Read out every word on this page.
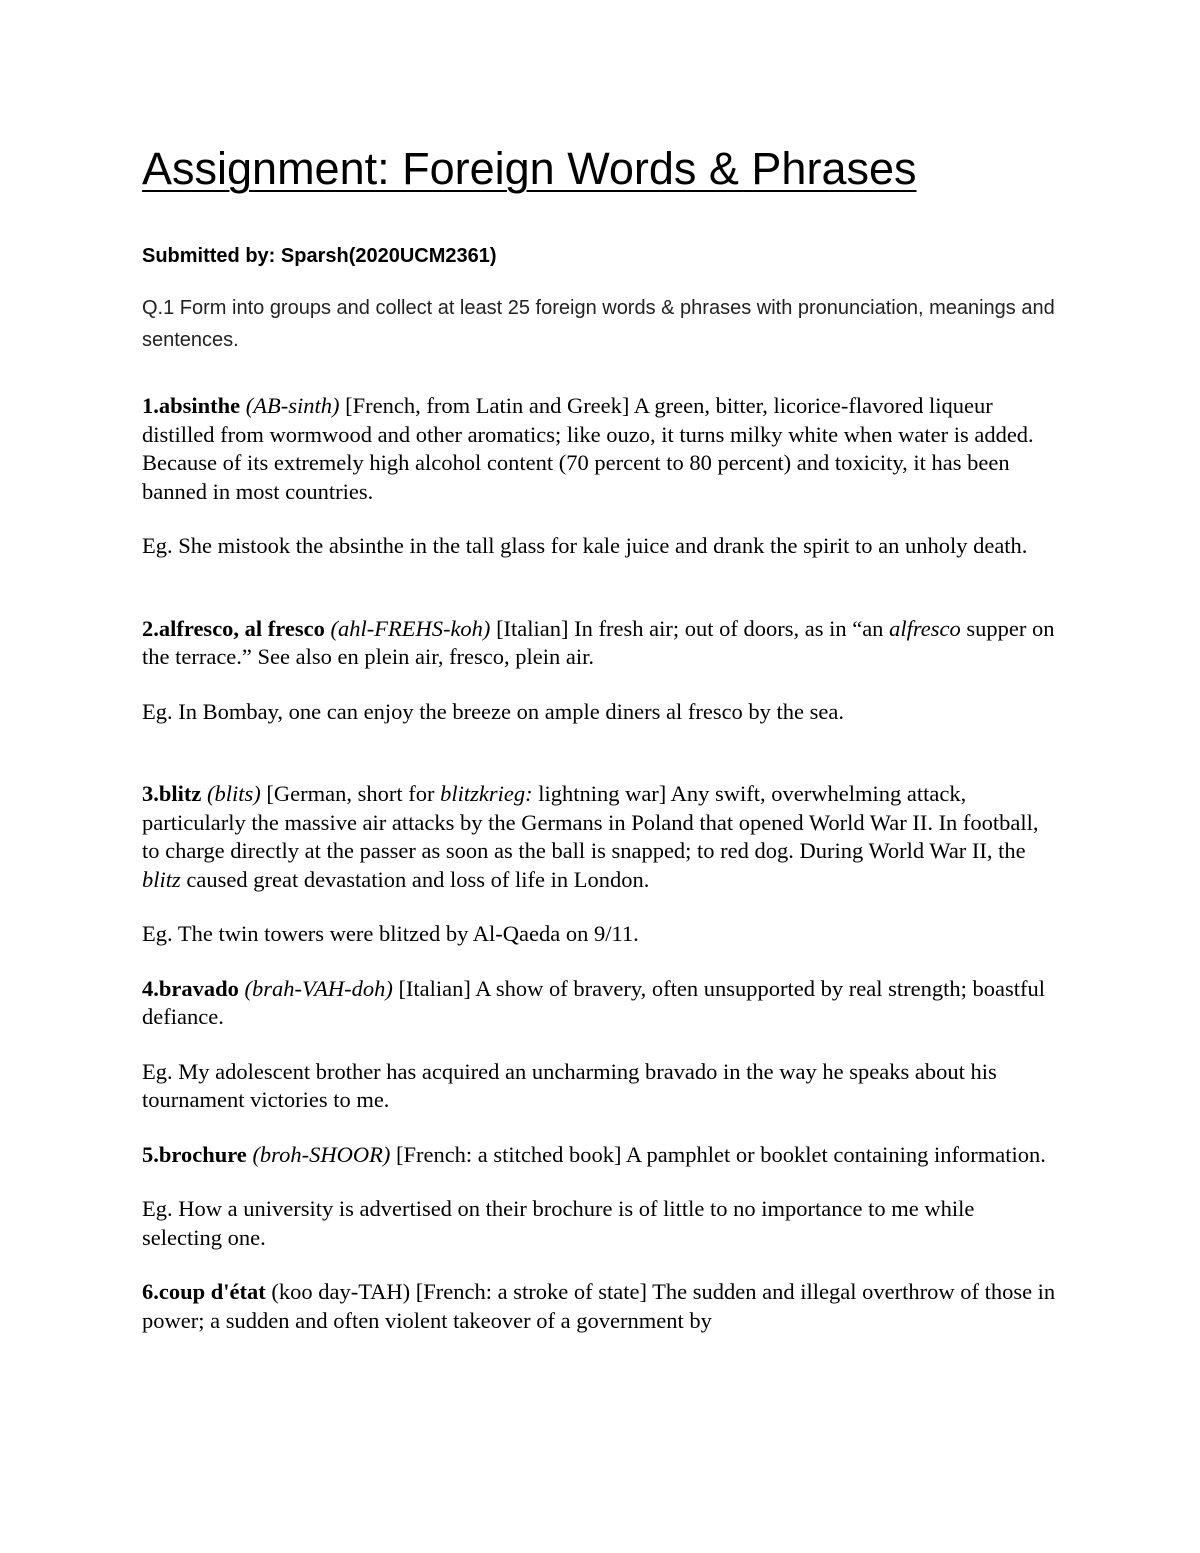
Assignment: Foreign Words & Phrases
Submitted by: Sparsh(2020UCM2361)
Q.1 Form into groups and collect at least 25 foreign words & phrases with pronunciation, meanings and sentences.

1.absinthe (AB-sinth) [French, from Latin and Greek] A green, bitter, licorice-flavored liqueur distilled from wormwood and other aromatics; like ouzo, it turns milky white when water is added. Because of its extremely high alcohol content (70 percent to 80 percent) and toxicity, it has been banned in most countries.

Eg. She mistook the absinthe in the tall glass for kale juice and drank the spirit to an unholy death.

2.alfresco, al fresco (ahl-FREHS-koh) [Italian] In fresh air; out of doors, as in “an alfresco supper on the terrace.” See also en plein air, fresco, plein air.

Eg. In Bombay, one can enjoy the breeze on ample diners al fresco by the sea.

3.blitz (blits) [German, short for blitzkrieg: lightning war] Any swift, overwhelming attack, particularly the massive air attacks by the Germans in Poland that opened World War II. In football, to charge directly at the passer as soon as the ball is snapped; to red dog. During World War II, the blitz caused great devastation and loss of life in London.

Eg. The twin towers were blitzed by Al-Qaeda on 9/11.

4.bravado (brah-VAH-doh) [Italian] A show of bravery, often unsupported by real strength; boastful defiance.

Eg. My adolescent brother has acquired an uncharming bravado in the way he speaks about his tournament victories to me.

5.brochure (broh-SHOOR) [French: a stitched book] A pamphlet or booklet containing information.

Eg. How a university is advertised on their brochure is of little to no importance to me while selecting one.

6.coup d'état (koo day-TAH) [French: a stroke of state] The sudden and illegal overthrow of those in power; a sudden and often violent takeover of a government by
